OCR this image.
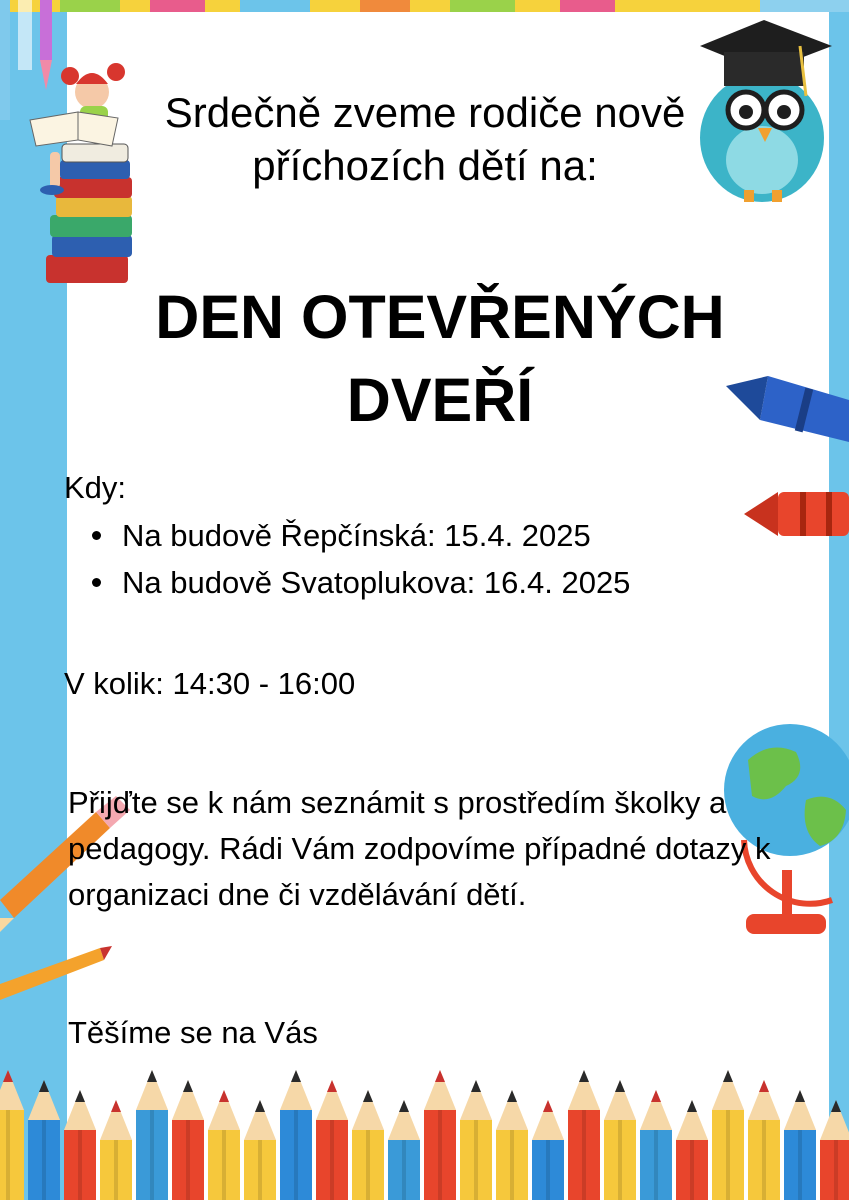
Srdečně zveme rodiče nově
příchozích dětí na:
DEN OTEVŘENÝCH
DVEŘÍ
Kdy:
Na budově Řepčínská: 15.4. 2025
Na budově Svatoplukova: 16.4. 2025
V kolik: 14:30 - 16:00
Přijďte se k nám seznámit s prostředím školky a
pedagogy. Rádi Vám zodpovíme případné dotazy k
organizaci dne či vzdělávání dětí.
Těšíme se na Vás
